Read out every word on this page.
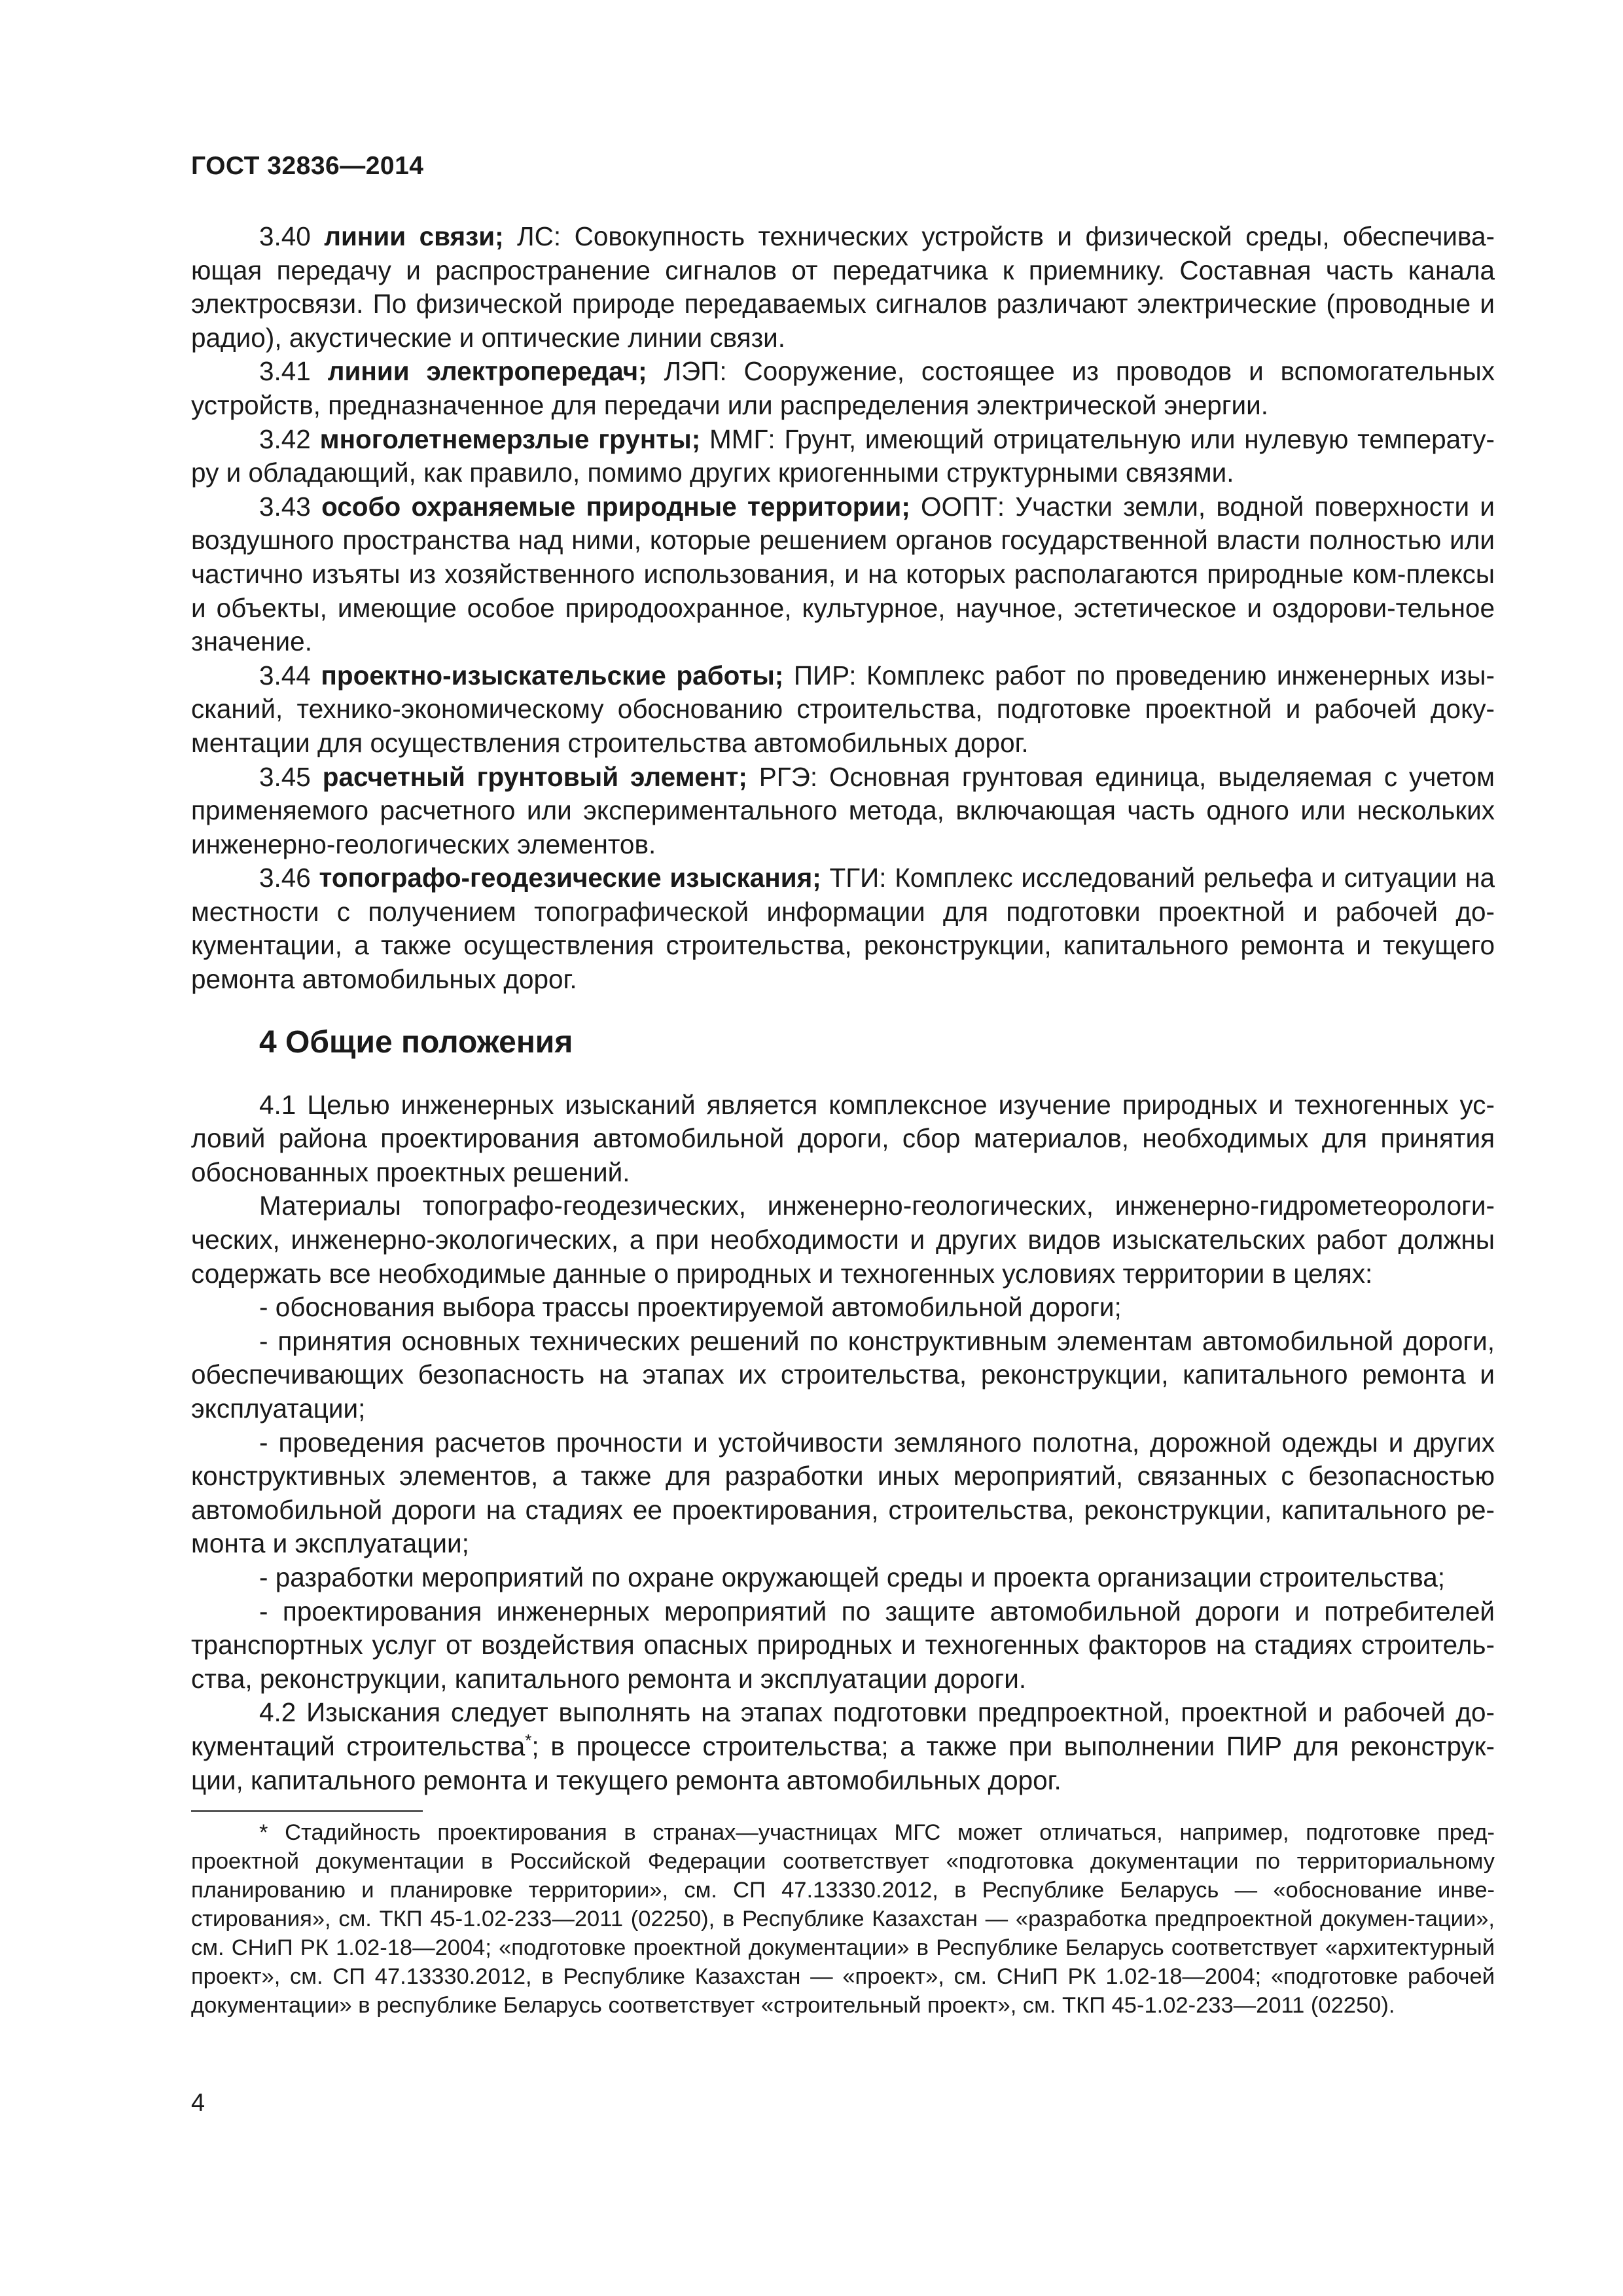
ГОСТ 32836—2014

3.40 линии связи; ЛС: Совокупность технических устройств и физической среды, обеспечива-ющая передачу и распространение сигналов от передатчика к приемнику. Составная часть канала электросвязи. По физической природе передаваемых сигналов различают электрические (проводные и радио), акустические и оптические линии связи.

3.41 линии электропередач; ЛЭП: Сооружение, состоящее из проводов и вспомогательных устройств, предназначенное для передачи или распределения электрической энергии.

3.42 многолетнемерзлые грунты; ММГ: Грунт, имеющий отрицательную или нулевую температу-ру и обладающий, как правило, помимо других криогенными структурными связями.

3.43 особо охраняемые природные территории; ООПТ: Участки земли, водной поверхности и воздушного пространства над ними, которые решением органов государственной власти полностью или частично изъяты из хозяйственного использования, и на которых располагаются природные ком-плексы и объекты, имеющие особое природоохранное, культурное, научное, эстетическое и оздорови-тельное значение.

3.44 проектно-изыскательские работы; ПИР: Комплекс работ по проведению инженерных изы-сканий, технико-экономическому обоснованию строительства, подготовке проектной и рабочей доку-ментации для осуществления строительства автомобильных дорог.

3.45 расчетный грунтовый элемент; РГЭ: Основная грунтовая единица, выделяемая с учетом применяемого расчетного или экспериментального метода, включающая часть одного или нескольких инженерно-геологических элементов.

3.46 топографо-геодезические изыскания; ТГИ: Комплекс исследований рельефа и ситуации на местности с получением топографической информации для подготовки проектной и рабочей до-кументации, а также осуществления строительства, реконструкции, капитального ремонта и текущего ремонта автомобильных дорог.

4 Общие положения

4.1 Целью инженерных изысканий является комплексное изучение природных и техногенных ус-ловий района проектирования автомобильной дороги, сбор материалов, необходимых для принятия обоснованных проектных решений.

Материалы топографо-геодезических, инженерно-геологических, инженерно-гидрометеорологи-ческих, инженерно-экологических, а при необходимости и других видов изыскательских работ должны содержать все необходимые данные о природных и техногенных условиях территории в целях:

- обоснования выбора трассы проектируемой автомобильной дороги;

- принятия основных технических решений по конструктивным элементам автомобильной дороги, обеспечивающих безопасность на этапах их строительства, реконструкции, капитального ремонта и эксплуатации;

- проведения расчетов прочности и устойчивости земляного полотна, дорожной одежды и других конструктивных элементов, а также для разработки иных мероприятий, связанных с безопасностью автомобильной дороги на стадиях ее проектирования, строительства, реконструкции, капитального ре-монта и эксплуатации;

- разработки мероприятий по охране окружающей среды и проекта организации строительства;

- проектирования инженерных мероприятий по защите автомобильной дороги и потребителей транспортных услуг от воздействия опасных природных и техногенных факторов на стадиях строитель-ства, реконструкции, капитального ремонта и эксплуатации дороги.

4.2 Изыскания следует выполнять на этапах подготовки предпроектной, проектной и рабочей до-кументаций строительства*; в процессе строительства; а также при выполнении ПИР для реконструк-ции, капитального ремонта и текущего ремонта автомобильных дорог.

* Стадийность проектирования в странах—участницах МГС может отличаться, например, подготовке пред-проектной документации в Российской Федерации соответствует «подготовка документации по территориальному планированию и планировке территории», см. СП 47.13330.2012, в Республике Беларусь — «обоснование инве-стирования», см. ТКП 45-1.02-233—2011 (02250), в Республике Казахстан — «разработка предпроектной докумен-тации», см. СНиП РК 1.02-18—2004; «подготовке проектной документации» в Республике Беларусь соответствует «архитектурный проект», см. СП 47.13330.2012, в Республике Казахстан — «проект», см. СНиП РК 1.02-18—2004; «подготовке рабочей документации» в республике Беларусь соответствует «строительный проект», см. ТКП 45-1.02-233—2011 (02250).

4
